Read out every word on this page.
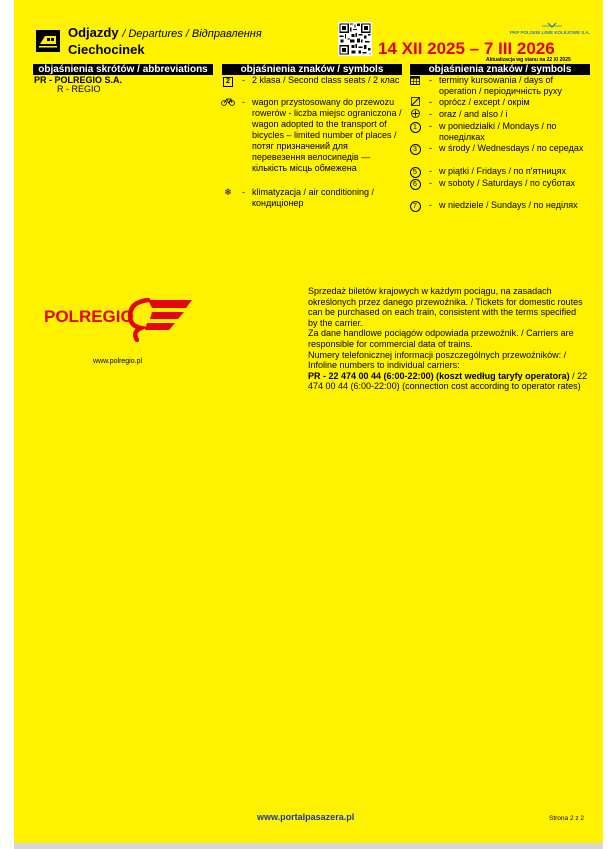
Odjazdy / Departures / Відправлення
Ciechocinek
PKP POLSKIE LINIE KOLEJOWE S.A.
14 XII 2025 – 7 III 2026
Aktualizacja wg stanu na 22 XI 2025
objaśnienia skrótów / abbreviations	objaśnienia znaków / symbols	objaśnienia znaków / symbols
PR - POLREGIO S.A.
R - REGIO
2	- 2 klasa / Second class seats / 2 клас
- wagon przystosowany do przewozu rowerów - liczba miejsc ograniczona / wagon adopted to the transport of bicycles – limited number of places / потяг призначений для перевезення велосипедів — кількість місць обмежена
❄	- klimatyzacja / air conditioning / кондиціонер
- terminy kursowania / days of operation / періодичність руху
- oprócz / except / окрім
- oraz / and also / і
1	- w poniedziałki / Mondays / по понеділках
3	- w środy / Wednesdays / по середах
5	- w piątki / Fridays / по п'ятницях
6	- w soboty / Saturdays / по суботах
7	- w niedziele / Sundays / по неділях
POLREGIO
www.polregio.pl
Sprzedaż biletów krajowych w każdym pociągu, na zasadach określonych przez danego przewoźnika. / Tickets for domestic routes can be purchased on each train, consistent with the terms specified by the carrier.
Za dane handlowe pociągów odpowiada przewoźnik. / Carriers are responsible for commercial data of trains.
Numery telefonicznej informacji poszczególnych przewoźników: / Infoline numbers to individual carriers:
PR - 22 474 00 44 (6:00-22:00) (koszt według taryfy operatora) / 22 474 00 44 (6:00-22:00) (connection cost according to operator rates)
www.portalpasazera.pl	Strona 2 z 2
